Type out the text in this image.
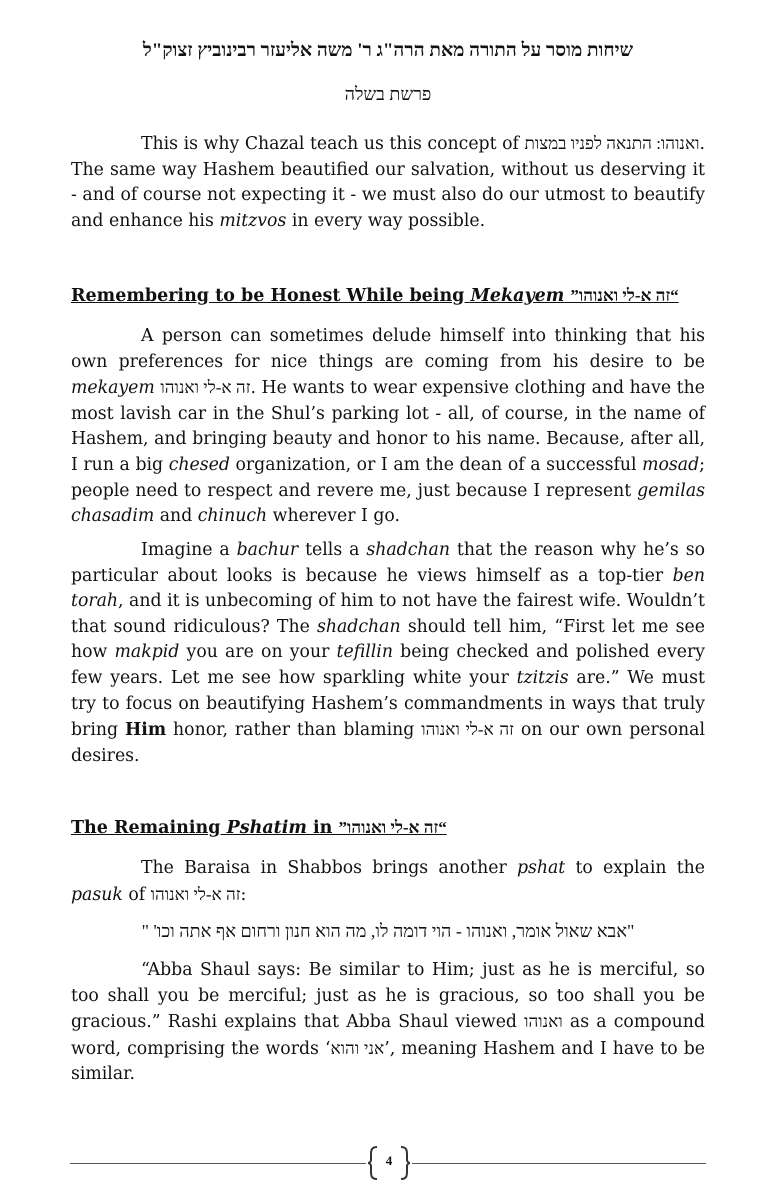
שיחות מוסר על התורה מאת הרה"ג ר' משה אליעזר רבינוביץ זצוק"ל
פרשת בשלה

This is why Chazal teach us this concept of ואנוהו: התנאה לפניו במצות. The same way Hashem beautified our salvation, without us deserving it - and of course not expecting it - we must also do our utmost to beautify and enhance his mitzvos in every way possible.

Remembering to be Honest While being Mekayem “זה א-לי ואנוהו”

A person can sometimes delude himself into thinking that his own preferences for nice things are coming from his desire to be mekayem זה א-לי ואנוהו. He wants to wear expensive clothing and have the most lavish car in the Shul’s parking lot - all, of course, in the name of Hashem, and bringing beauty and honor to his name. Because, after all, I run a big chesed organization, or I am the dean of a successful mosad; people need to respect and revere me, just because I represent gemilas chasadim and chinuch wherever I go.

Imagine a bachur tells a shadchan that the reason why he’s so particular about looks is because he views himself as a top-tier ben torah, and it is unbecoming of him to not have the fairest wife. Wouldn’t that sound ridiculous? The shadchan should tell him, “First let me see how makpid you are on your tefillin being checked and polished every few years. Let me see how sparkling white your tzitzis are.” We must try to focus on beautifying Hashem’s commandments in ways that truly bring Him honor, rather than blaming זה א-לי ואנוהו on our own personal desires.

The Remaining Pshatim in “זה א-לי ואנוהו”

The Baraisa in Shabbos brings another pshat to explain the pasuk of זה א-לי ואנוהו:

"אבא שאול אומר, ואנוהו - הוי דומה לו, מה הוא חנון ורחום אף אתה וכו' "

“Abba Shaul says: Be similar to Him; just as he is merciful, so too shall you be merciful; just as he is gracious, so too shall you be gracious.” Rashi explains that Abba Shaul viewed ואנוהו as a compound word, comprising the words ‘אני והוא’, meaning Hashem and I have to be similar.

4
